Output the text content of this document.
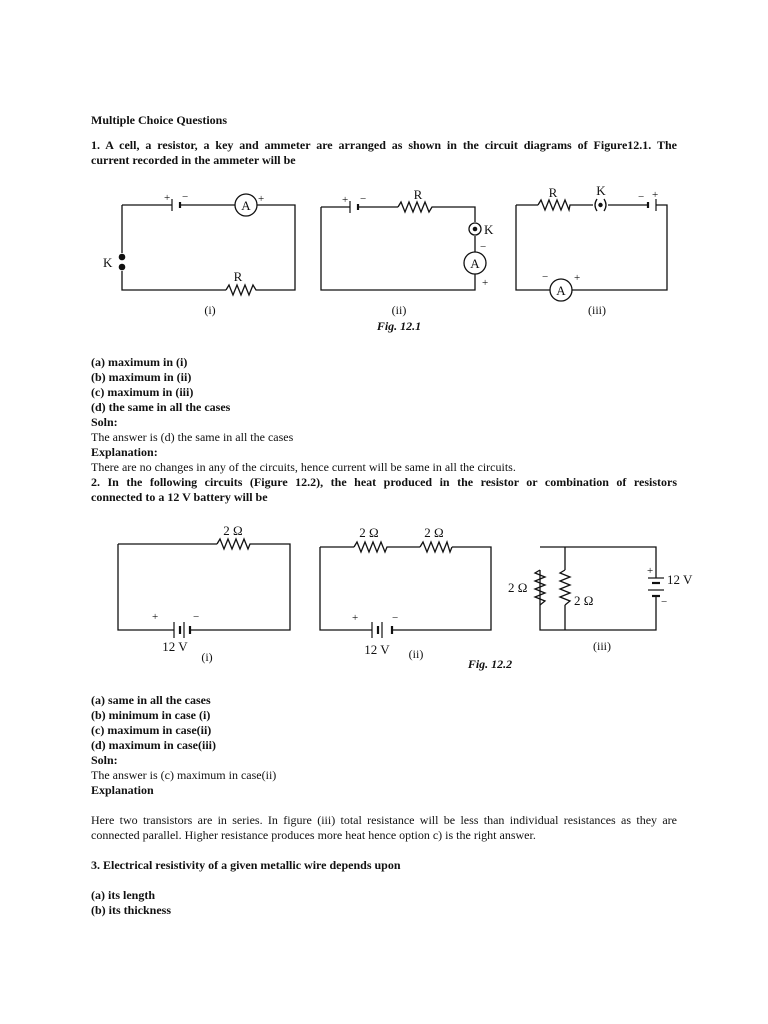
Multiple Choice Questions
1. A cell, a resistor, a key and ammeter are arranged as shown in the circuit diagrams of Figure12.1. The
current recorded in the ammeter will be
+ −
A +
R
K
(i)
+ −	R
K
A
−
+
(ii)
Fig. 12.1
R	K	− +
A
− +
(iii)
(a) maximum in (i)
(b) maximum in (ii)
(c) maximum in (iii)
(d) the same in all the cases
Soln:
The answer is (d) the same in all the cases
Explanation:
There are no changes in any of the circuits, hence current will be same in all the circuits.
2. In the following circuits (Figure 12.2), the heat produced in the resistor or combination of resistors
connected to a 12 V battery will be
2 Ω
+	−
12 V
(i)
2 Ω	2 Ω
+	−
12 V (ii)
Fig. 12.2
2 Ω
2 Ω
+
−
12 V
(iii)
(a) same in all the cases
(b) minimum in case (i)
(c) maximum in case(ii)
(d) maximum in case(iii)
Soln:
The answer is (c) maximum in case(ii)
Explanation
Here two transistors are in series. In figure (iii) total resistance will be less than individual resistances as they are
connected parallel. Higher resistance produces more heat hence option c) is the right answer.
3. Electrical resistivity of a given metallic wire depends upon
(a) its length
(b) its thickness
